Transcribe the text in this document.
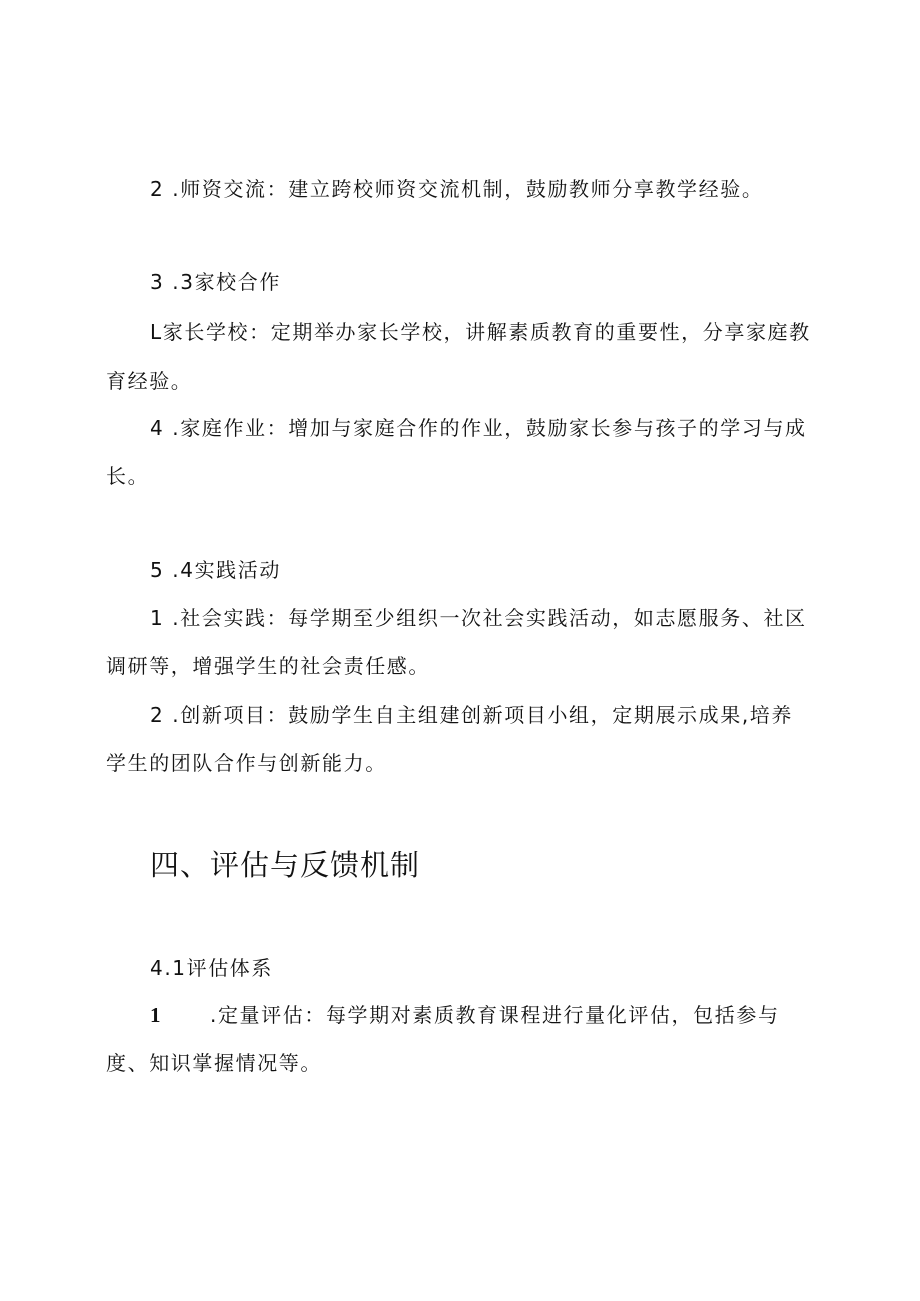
2 .师资交流：建立跨校师资交流机制，鼓励教师分享教学经验。
3 .3家校合作
L家长学校：定期举办家长学校，讲解素质教育的重要性，分享家庭教
育经验。
4 .家庭作业：增加与家庭合作的作业，鼓励家长参与孩子的学习与成
长。
5 .4实践活动
1 .社会实践：每学期至少组织一次社会实践活动，如志愿服务、社区
调研等，增强学生的社会责任感。
2 .创新项目：鼓励学生自主组建创新项目小组，定期展示成果,培养
学生的团队合作与创新能力。
四、评估与反馈机制
4.1评估体系
1 .定量评估：每学期对素质教育课程进行量化评估，包括参与
度、知识掌握情况等。
